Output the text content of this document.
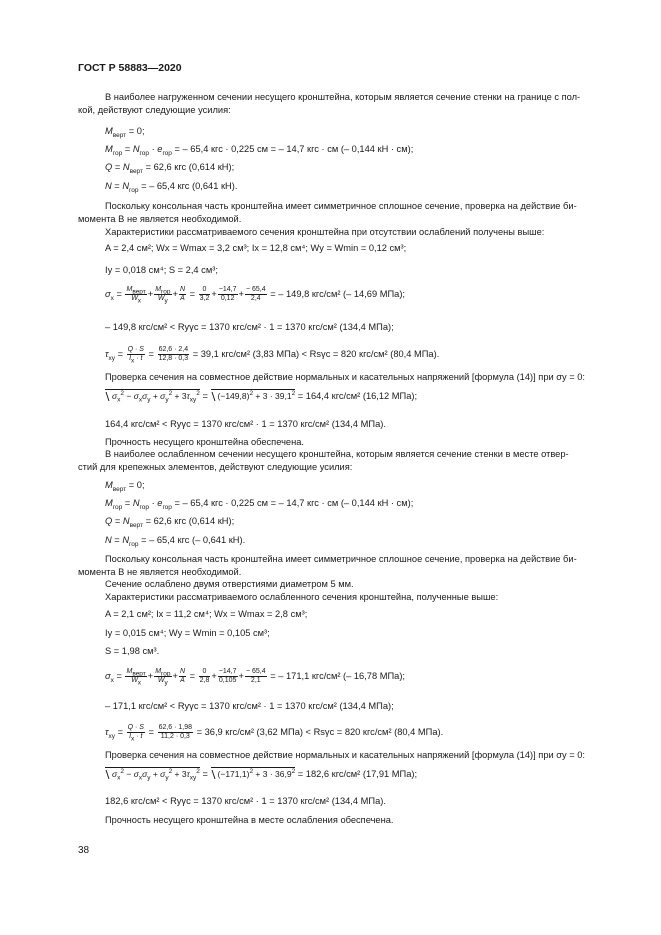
ГОСТ Р 58883—2020
В наиболее нагруженном сечении несущего кронштейна, которым является сечение стенки на границе с пол-
кой, действуют следующие усилия:
$M_{верт} = 0$;
$M_{гор} = N_{гор} \cdot e_{гор}$ = – 65,4 кгс · 0,225 см = – 14,7 кгс · см (– 0,144 кН · см);
$Q = N_{верт} = 62,6$ кгс (0,614 кН);
$N = N_{гор}$ = – 65,4 кгс (0,641 кН).
Поскольку консольная часть кронштейна имеет симметричное сплошное сечение, проверка на действие би-
момента B не является необходимой.
Характеристики рассматриваемого сечения кронштейна при отсутствии ослаблений получены выше:
A = 2,4 см²; Wx = Wmax = 3,2 см³; Ix = 12,8 см⁴; Wy = Wmin = 0,12 см³;
Iy = 0,018 см⁴; S = 2,4 см³;
$\sigma_x = M_{верт}$
$W_x$
+ $M_{гор}$
$W_y$
+ $\frac{N}{A} = \frac{0}{3,2} + \frac{-14,7}{0,12} + \frac{- 65,4}{2,4}$ = – 149,8 кгс/см² (– 14,69 МПа);
– 149,8 кгс/см² < Ryγc = 1370 кгс/см² · 1 = 1370 кгс/см² (134,4 МПа);
$\tau_{xy} = \frac{Q \cdot S}{I_x \cdot t} = \frac{62,6 \cdot 2,4}{12,8 \cdot 0,3} = 39,1$ кгс/см² (3,83 МПа) < Rsγc = 820 кгс/см² (80,4 МПа).
Проверка сечения на совместное действие нормальных и касательных напряжений [формула (14)] при σy = 0:
$\sigma_x^2 - \sigma_x\sigma_y + \sigma_y^2 + 3\tau_{xy}^2 = (-149,8)^2 + 3 \cdot 39,1^2 = 164,4$ кгс/см² (16,12 МПа);
164,4 кгс/см² < Ryγc = 1370 кгс/см² · 1 = 1370 кгс/см² (134,4 МПа).
Прочность несущего кронштейна обеспечена.
В наиболее ослабленном сечении несущего кронштейна, которым является сечение стенки в месте отвер-
стий для крепежных элементов, действуют следующие усилия:
$M_{верт} = 0$;
$M_{гор} = N_{гор} \cdot e_{гор}$ = – 65,4 кгс · 0,225 см = – 14,7 кгс · см (– 0,144 кН · см);
$Q = N_{верт} = 62,6$ кгс (0,614 кН);
$N = N_{гор}$ = – 65,4 кгс (– 0,641 кН).
Поскольку консольная часть кронштейна имеет симметричное сплошное сечение, проверка на действие би-
момента B не является необходимой.
Сечение ослаблено двумя отверстиями диаметром 5 мм.
Характеристики рассматриваемого ослабленного сечения кронштейна, полученные выше:
A = 2,1 см²; Ix = 11,2 см⁴; Wx = Wmax = 2,8 см³;
Iy = 0,015 см⁴; Wy = Wmin = 0,105 см³;
S = 1,98 см³.
$\sigma_x = M_{верт}$
$W_x$
+ $M_{гор}$
$W_y$
+ $\frac{N}{A} = \frac{0}{2,8} + \frac{-14,7}{0,105} + \frac{- 65,4}{2,1}$ = – 171,1 кгс/см² (– 16,78 МПа);
– 171,1 кгс/см² < Ryγc = 1370 кгс/см² · 1 = 1370 кгс/см² (134,4 МПа);
$\tau_{xy} = \frac{Q \cdot S}{I_x \cdot t} = \frac{62,6 \cdot 1,98}{11,2 \cdot 0,3} = 36,9$ кгс/см² (3,62 МПа) < Rsγc = 820 кгс/см² (80,4 МПа).
Проверка сечения на совместное действие нормальных и касательных напряжений [формула (14)] при σy = 0:
$\sigma_x^2 - \sigma_x\sigma_y + \sigma_y^2 + 3\tau_{xy}^2 = (-171,1)^2 + 3 \cdot 36,9^2 = 182,6$ кгс/см² (17,91 МПа);
182,6 кгс/см² < Ryγc = 1370 кгс/см² · 1 = 1370 кгс/см² (134,4 МПа).
Прочность несущего кронштейна в месте ослабления обеспечена.
38
